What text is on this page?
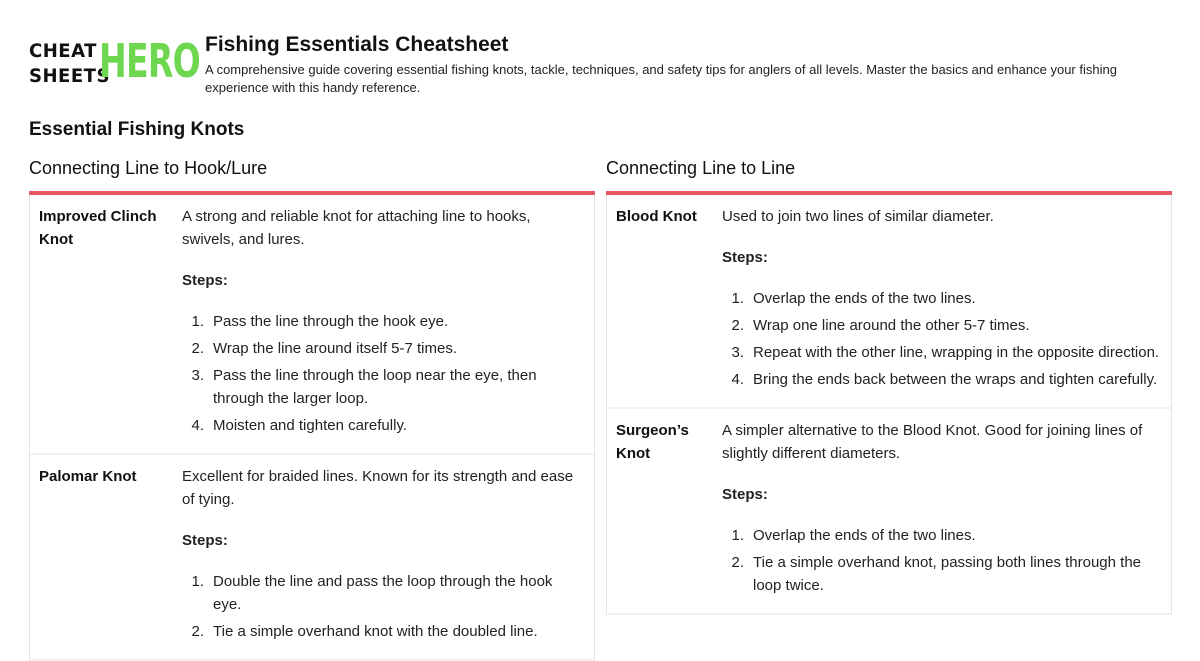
CHEAT
SHEETS
HERO Fishing Essentials Cheatsheet
A comprehensive guide covering essential fishing knots, tackle, techniques, and safety tips for anglers of all levels. Master the basics and enhance your fishing experience with this handy reference.
Essential Fishing Knots
Connecting Line to Hook/Lure
Improved Clinch Knot
A strong and reliable knot for attaching line to hooks, swivels, and lures.
Steps:
1. Pass the line through the hook eye.
2. Wrap the line around itself 5-7 times.
3. Pass the line through the loop near the eye, then through the larger loop.
4. Moisten and tighten carefully.
Palomar Knot	Excellent for braided lines. Known for its strength and ease of tying.
Steps:
1. Double the line and pass the loop through the hook eye.
2. Tie a simple overhand knot with the doubled line.
Connecting Line to Line
Blood Knot	Used to join two lines of similar diameter.
Steps:
1. Overlap the ends of the two lines.
2. Wrap one line around the other 5-7 times.
3. Repeat with the other line, wrapping in the opposite direction.
4. Bring the ends back between the wraps and tighten carefully.
Surgeon’s Knot
A simpler alternative to the Blood Knot. Good for joining lines of slightly different diameters.
Steps:
1. Overlap the ends of the two lines.
2. Tie a simple overhand knot, passing both lines through the loop twice.
